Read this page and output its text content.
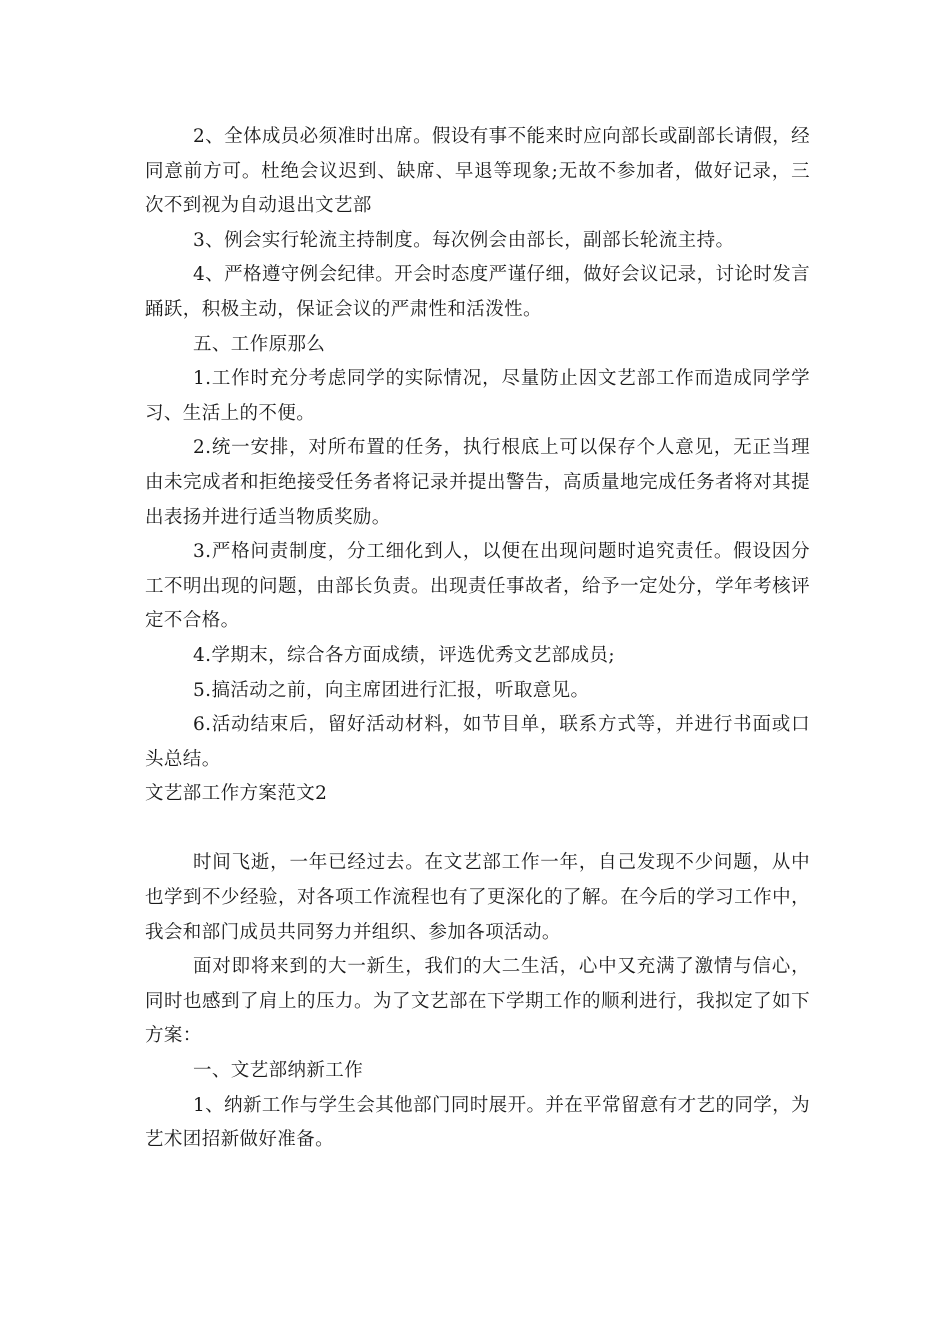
2、全体成员必须准时出席。假设有事不能来时应向部长或副部长请假，经同意前方可。杜绝会议迟到、缺席、早退等现象;无故不参加者，做好记录，三次不到视为自动退出文艺部

3、例会实行轮流主持制度。每次例会由部长，副部长轮流主持。

4、严格遵守例会纪律。开会时态度严谨仔细，做好会议记录，讨论时发言踊跃，积极主动，保证会议的严肃性和活泼性。

五、工作原那么

1.工作时充分考虑同学的实际情况，尽量防止因文艺部工作而造成同学学习、生活上的不便。

2.统一安排，对所布置的任务，执行根底上可以保存个人意见，无正当理由未完成者和拒绝接受任务者将记录并提出警告，高质量地完成任务者将对其提出表扬并进行适当物质奖励。

3.严格问责制度，分工细化到人，以便在出现问题时追究责任。假设因分工不明出现的问题，由部长负责。出现责任事故者，给予一定处分，学年考核评定不合格。

4.学期末，综合各方面成绩，评选优秀文艺部成员;

5.搞活动之前，向主席团进行汇报，听取意见。

6.活动结束后，留好活动材料，如节目单，联系方式等，并进行书面或口头总结。

文艺部工作方案范文2

时间飞逝，一年已经过去。在文艺部工作一年，自己发现不少问题，从中也学到不少经验，对各项工作流程也有了更深化的了解。在今后的学习工作中，我会和部门成员共同努力并组织、参加各项活动。

面对即将来到的大一新生，我们的大二生活，心中又充满了激情与信心，同时也感到了肩上的压力。为了文艺部在下学期工作的顺利进行，我拟定了如下方案：

一、文艺部纳新工作

1、纳新工作与学生会其他部门同时展开。并在平常留意有才艺的同学，为艺术团招新做好准备。
